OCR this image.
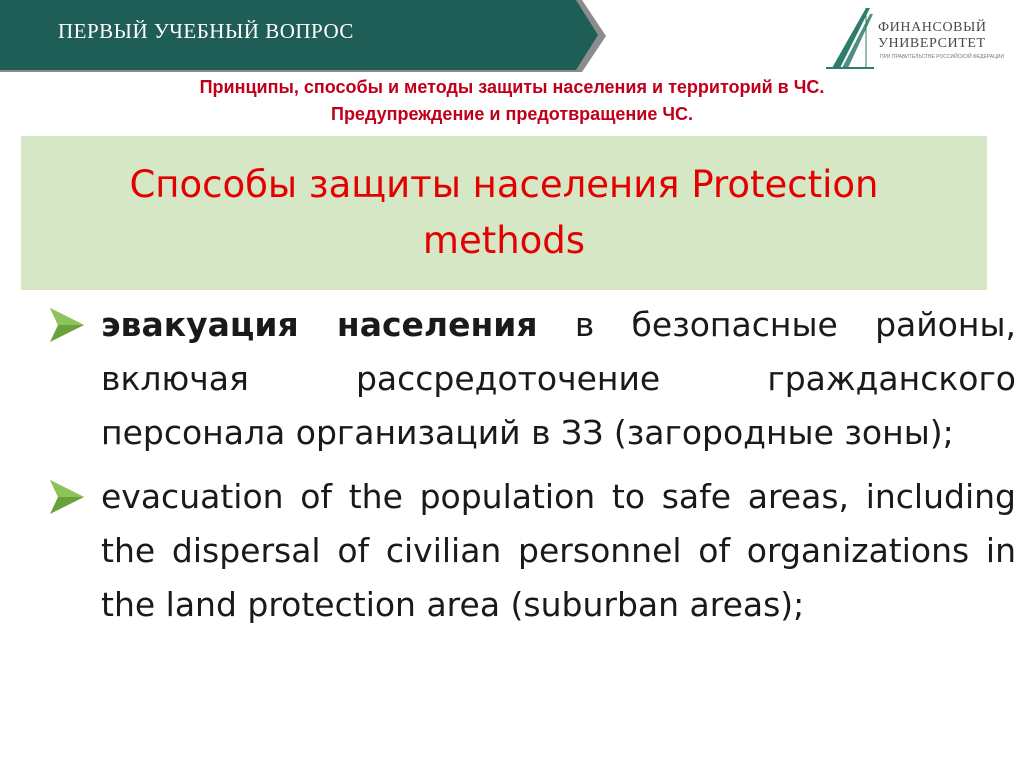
ПЕРВЫЙ УЧЕБНЫЙ ВОПРОС	ФИНАНСОВЫЙ
УНИВЕРСИТЕТ
ПРИ ПРАВИТЕЛЬСТВЕ РОССИЙСКОЙ ФЕДЕРАЦИИ
Принципы, способы и методы защиты населения и территорий в ЧС.
Предупреждение и предотвращение ЧС.
Способы защиты населения Protection
methods
эвакуация населения в безопасные районы, включая рассредоточение гражданского персонала организаций в ЗЗ (загородные зоны);
evacuation of the population to safe areas, including the dispersal of civilian personnel of organizations in the land protection area (suburban areas);
